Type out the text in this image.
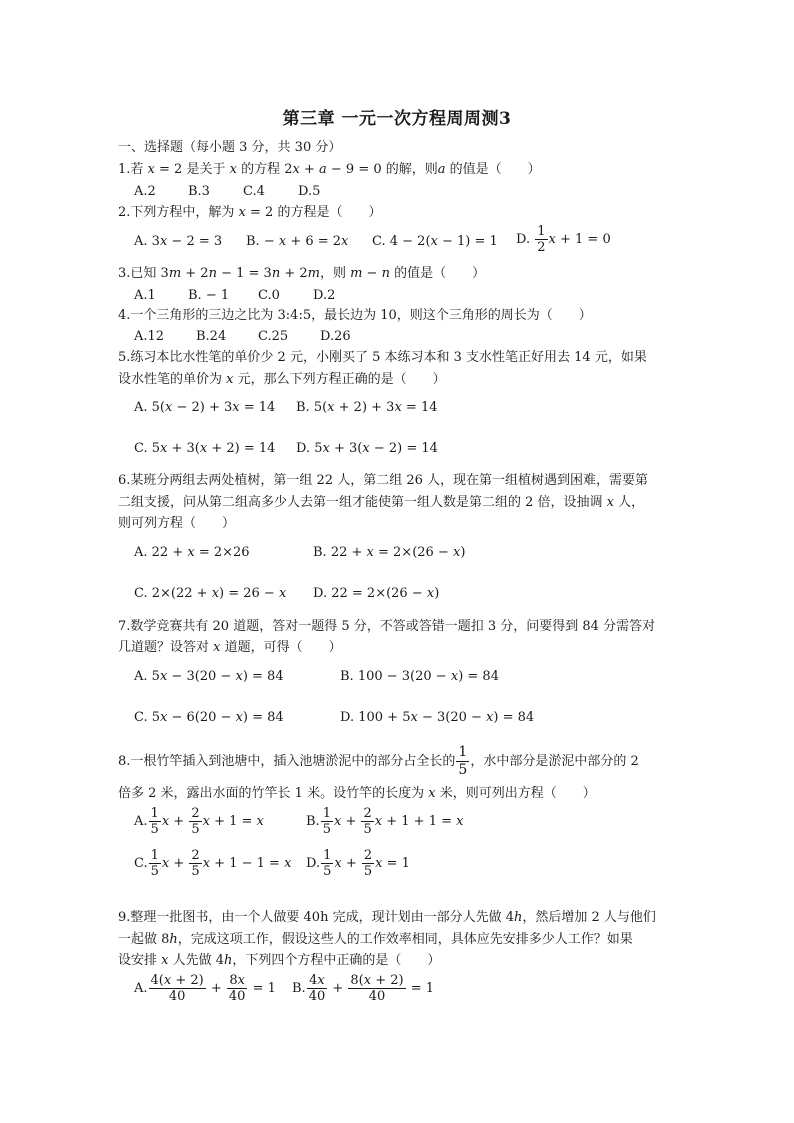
第三章 一元一次方程周周测3
一、选择题（每小题 3 分，共 30 分）
1.若 x = 2 是关于 x 的方程 2x + a − 9 = 0 的解，则a 的值是（　　）
A.2 B.3	C.4	D.5
2.下列方程中，解为 x = 2 的方程是（　　）
A. 3x − 2 = 3 B. − x + 6 = 2x C. 4 − 2(x − 1) = 1 D. $\frac{1}{2}$ x + 1 = 0
3.已知 3m + 2n − 1 = 3n + 2m，则 m − n 的值是（　　）
A.1 B. − 1 C.0	D.2
4.一个三角形的三边之比为 3:4:5，最长边为 10，则这个三角形的周长为（　　）
A.12 B.24 C.25 D.26
5.练习本比水性笔的单价少 2 元，小刚买了 5 本练习本和 3 支水性笔正好用去 14 元，如果
设水性笔的单价为 x 元，那么下列方程正确的是（　　）
A. 5(x − 2) + 3x = 14 B. 5(x + 2) + 3x = 14
C. 5x + 3(x + 2) = 14 D. 5x + 3(x − 2) = 14
6.某班分两组去两处植树，第一组 22 人，第二组 26 人，现在第一组植树遇到困难，需要第
二组支援，问从第二组高多少人去第一组才能使第一组人数是第二组的 2 倍，设抽调 x 人，
则可列方程（　　）
A. 22 + x = 2×26	B. 22 + x = 2×(26 − x)
C. 2×(22 + x) = 26 − x D. 22 = 2×(26 − x)
7.数学竞赛共有 20 道题，答对一题得 5 分，不答或答错一题扣 3 分，问要得到 84 分需答对
几道题？设答对 x 道题，可得（　　）
A. 5x − 3(20 − x) = 84	B. 100 − 3(20 − x) = 84
C. 5x − 6(20 − x) = 84	D. 100 + 5x − 3(20 − x) = 84
8.一根竹竿插入到池塘中，插入池塘淤泥中的部分占全长的 $\frac{1}{5}$ ，水中部分是淤泥中部分的 2
倍多 2 米，露出水面的竹竿长 1 米。设竹竿的长度为 x 米，则可列出方程（　　）
A. $\frac{1}{5}$ $x + \frac{2}{5}$ x + 1 = x	B. $\frac{1}{5}$ $x + \frac{2}{5}$ x + 1 + 1 = x
C. $\frac{1}{5}$ $x + \frac{2}{5}$ x + 1 − 1 = x D. $\frac{1}{5}$ $x + \frac{2}{5}$ x = 1
9.整理一批图书，由一个人做要 40h 完成，现计划由一部分人先做 4h，然后增加 2 人与他们
一起做 8h，完成这项工作，假设这些人的工作效率相同，具体应先安排多少人工作？如果
设安排 x 人先做 4h，下列四个方程中正确的是（　　）
A. $\frac{4(x + 2)}{40} + \frac{8x}{40} = 1$ B. $\frac{4x}{40} + \frac{8(x + 2)}{40} = 1$
